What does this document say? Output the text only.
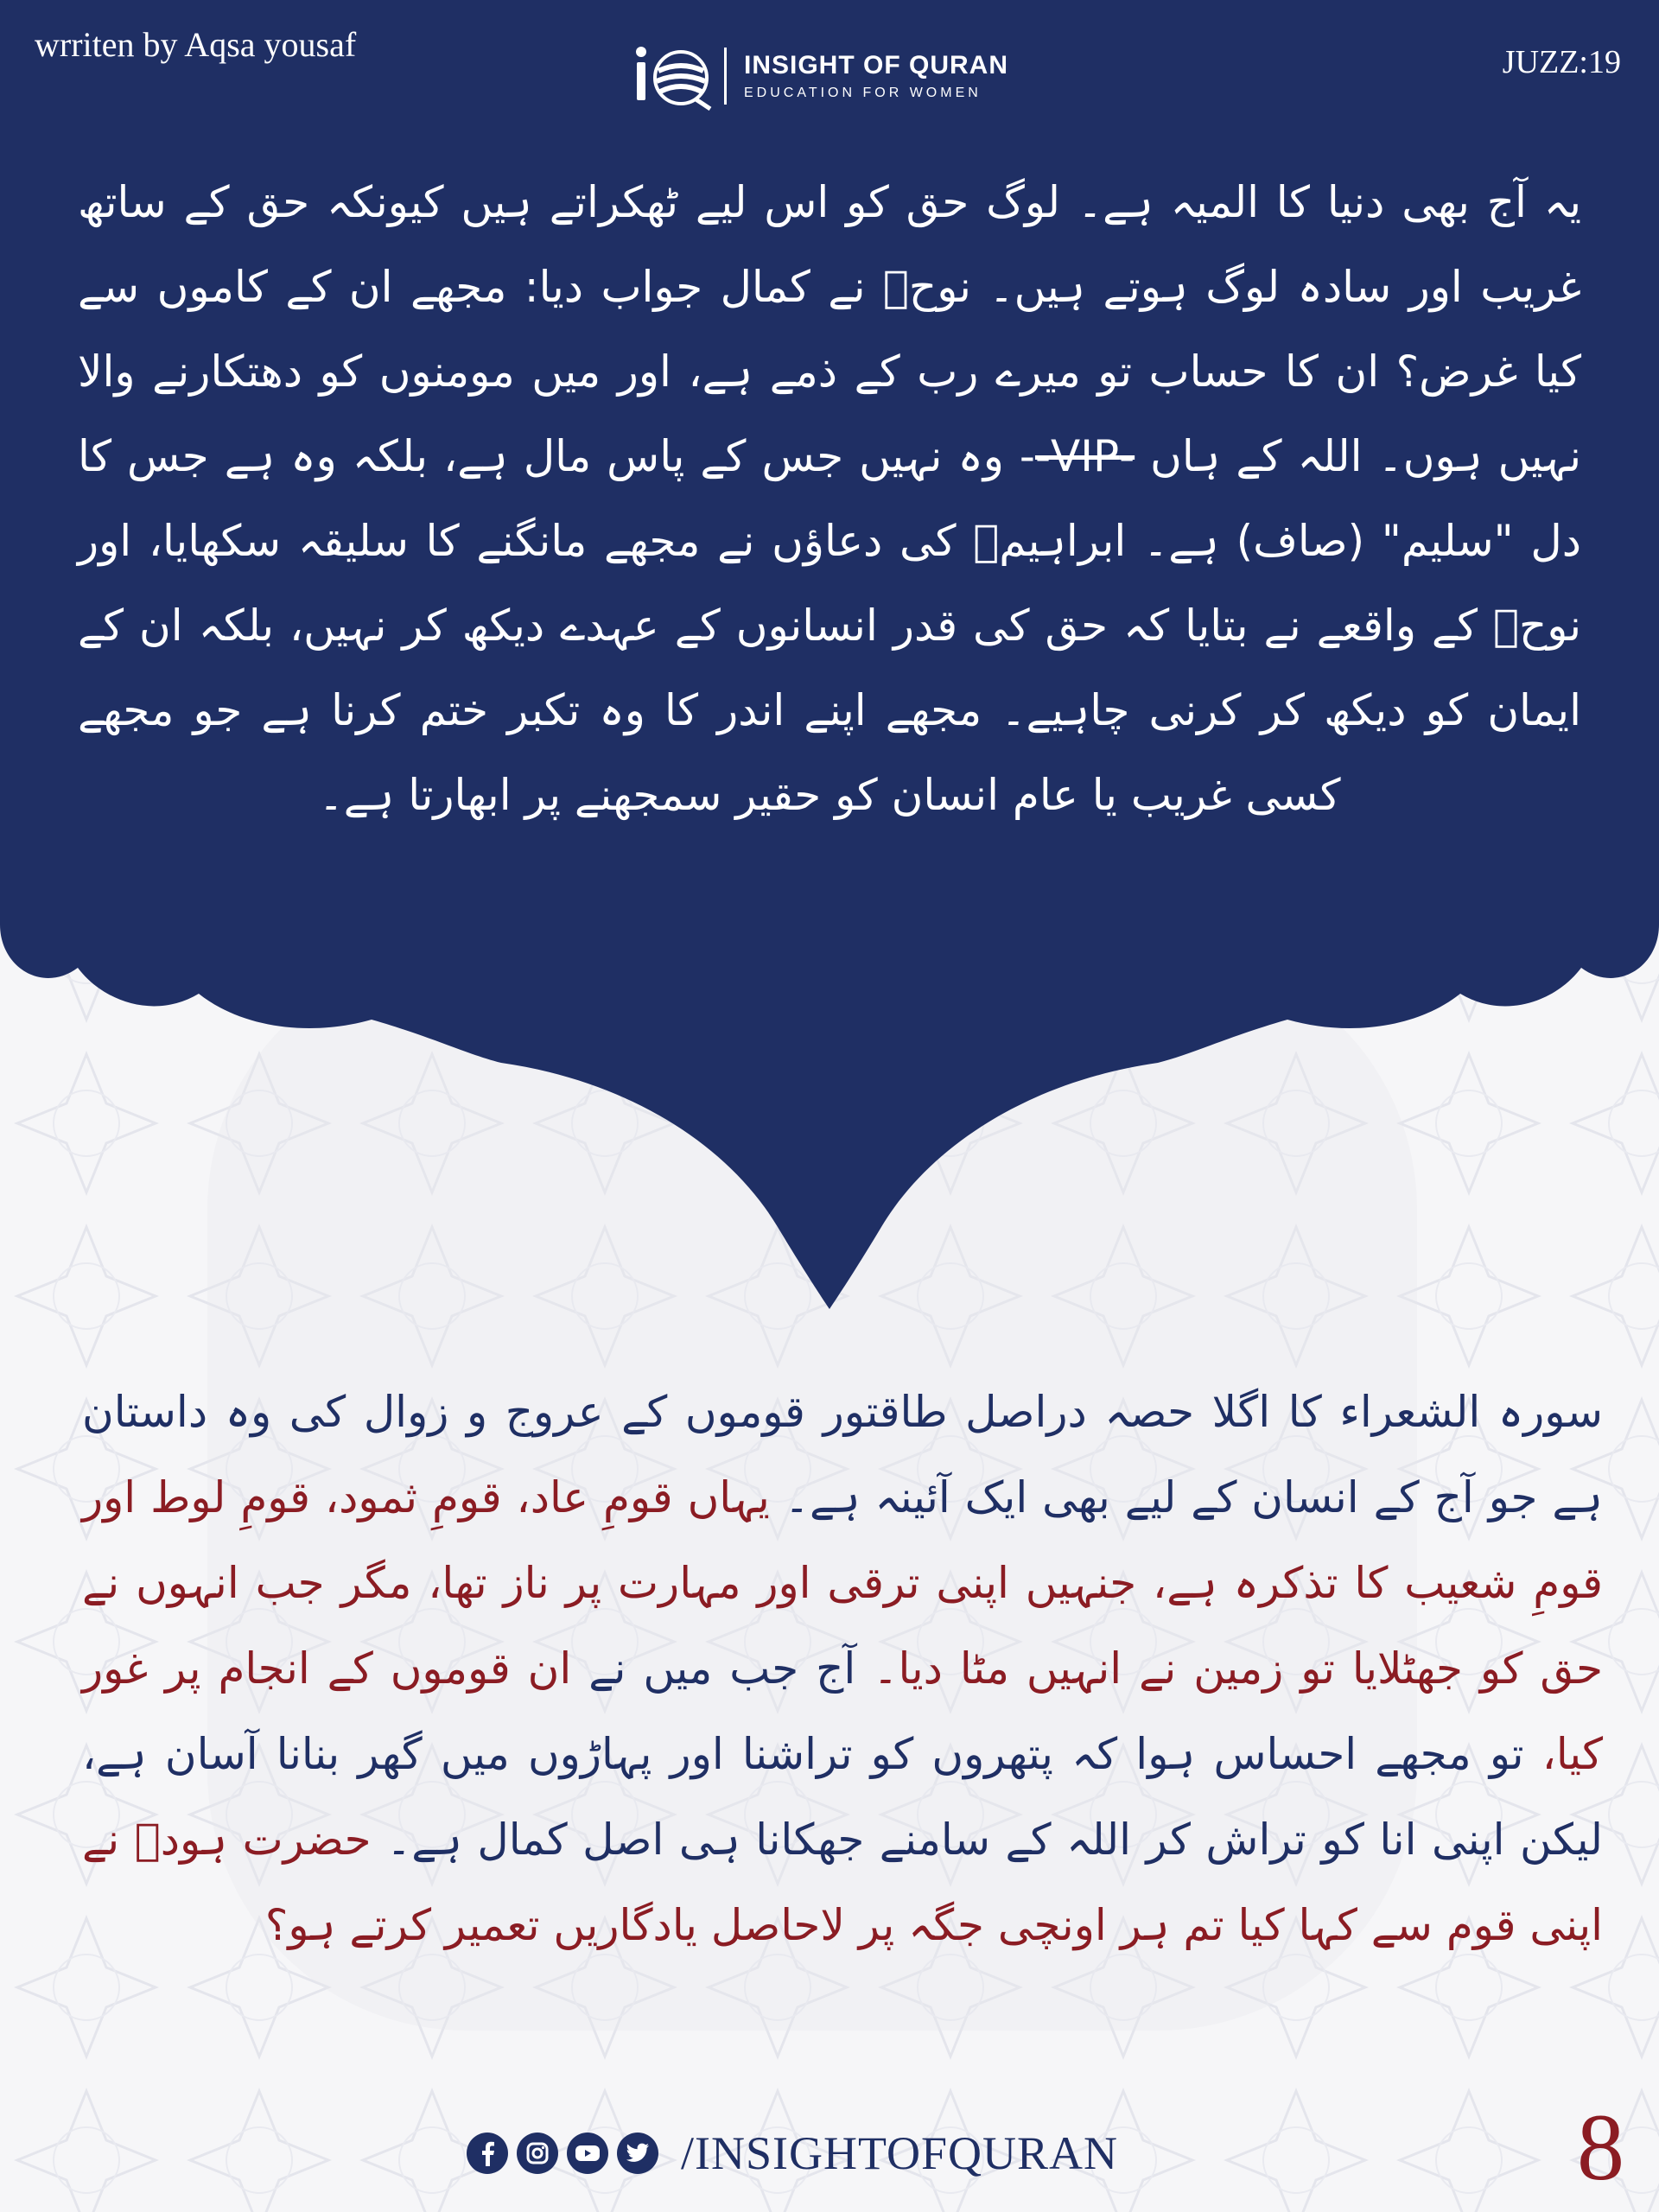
wrriten by Aqsa yousaf	JUZZ:19
INSIGHT OF QURAN
EDUCATION FOR WOMEN
یہ آج بھی دنیا کا المیہ ہے۔ لوگ حق کو اس لیے ٹھکراتے ہیں کیونکہ حق کے ساتھ غریب اور سادہ لوگ ہوتے ہیں۔ نوحؑ نے کمال جواب دیا: مجھے ان کے کاموں سے کیا غرض؟ ان کا حساب تو میرے رب کے ذمے ہے، اور میں مومنوں کو دھتکارنے والا نہیں ہوں۔ اللہ کے ہاں -VIP-- وہ نہیں جس کے پاس مال ہے، بلکہ وہ ہے جس کا دل "سلیم" (صاف) ہے۔ ابراہیمؑ کی دعاؤں نے مجھے مانگنے کا سلیقہ سکھایا، اور نوحؑ کے واقعے نے بتایا کہ حق کی قدر انسانوں کے عہدے دیکھ کر نہیں، بلکہ ان کے ایمان کو دیکھ کر کرنی چاہیے۔ مجھے اپنے اندر کا وہ تکبر ختم کرنا ہے جو مجھے کسی غریب یا عام انسان کو حقیر سمجھنے پر ابھارتا ہے۔
سورہ الشعراء کا اگلا حصہ دراصل طاقتور قوموں کے عروج و زوال کی وہ داستان ہے جو آج کے انسان کے لیے بھی ایک آئینہ ہے۔ یہاں قومِ عاد، قومِ ثمود، قومِ لوط اور قومِ شعیب کا تذکرہ ہے، جنہیں اپنی ترقی اور مہارت پر ناز تھا، مگر جب انہوں نے حق کو جھٹلایا تو زمین نے انہیں مٹا دیا۔ آج جب میں نے ان قوموں کے انجام پر غور کیا، تو مجھے احساس ہوا کہ پتھروں کو تراشنا اور پہاڑوں میں گھر بنانا آسان ہے، لیکن اپنی انا کو تراش کر اللہ کے سامنے جھکانا ہی اصل کمال ہے۔ حضرت ہودؑ نے اپنی قوم سے کہا کیا تم ہر اونچی جگہ پر لاحاصل یادگاریں تعمیر کرتے ہو؟
/INSIGHTOFQURAN	8
